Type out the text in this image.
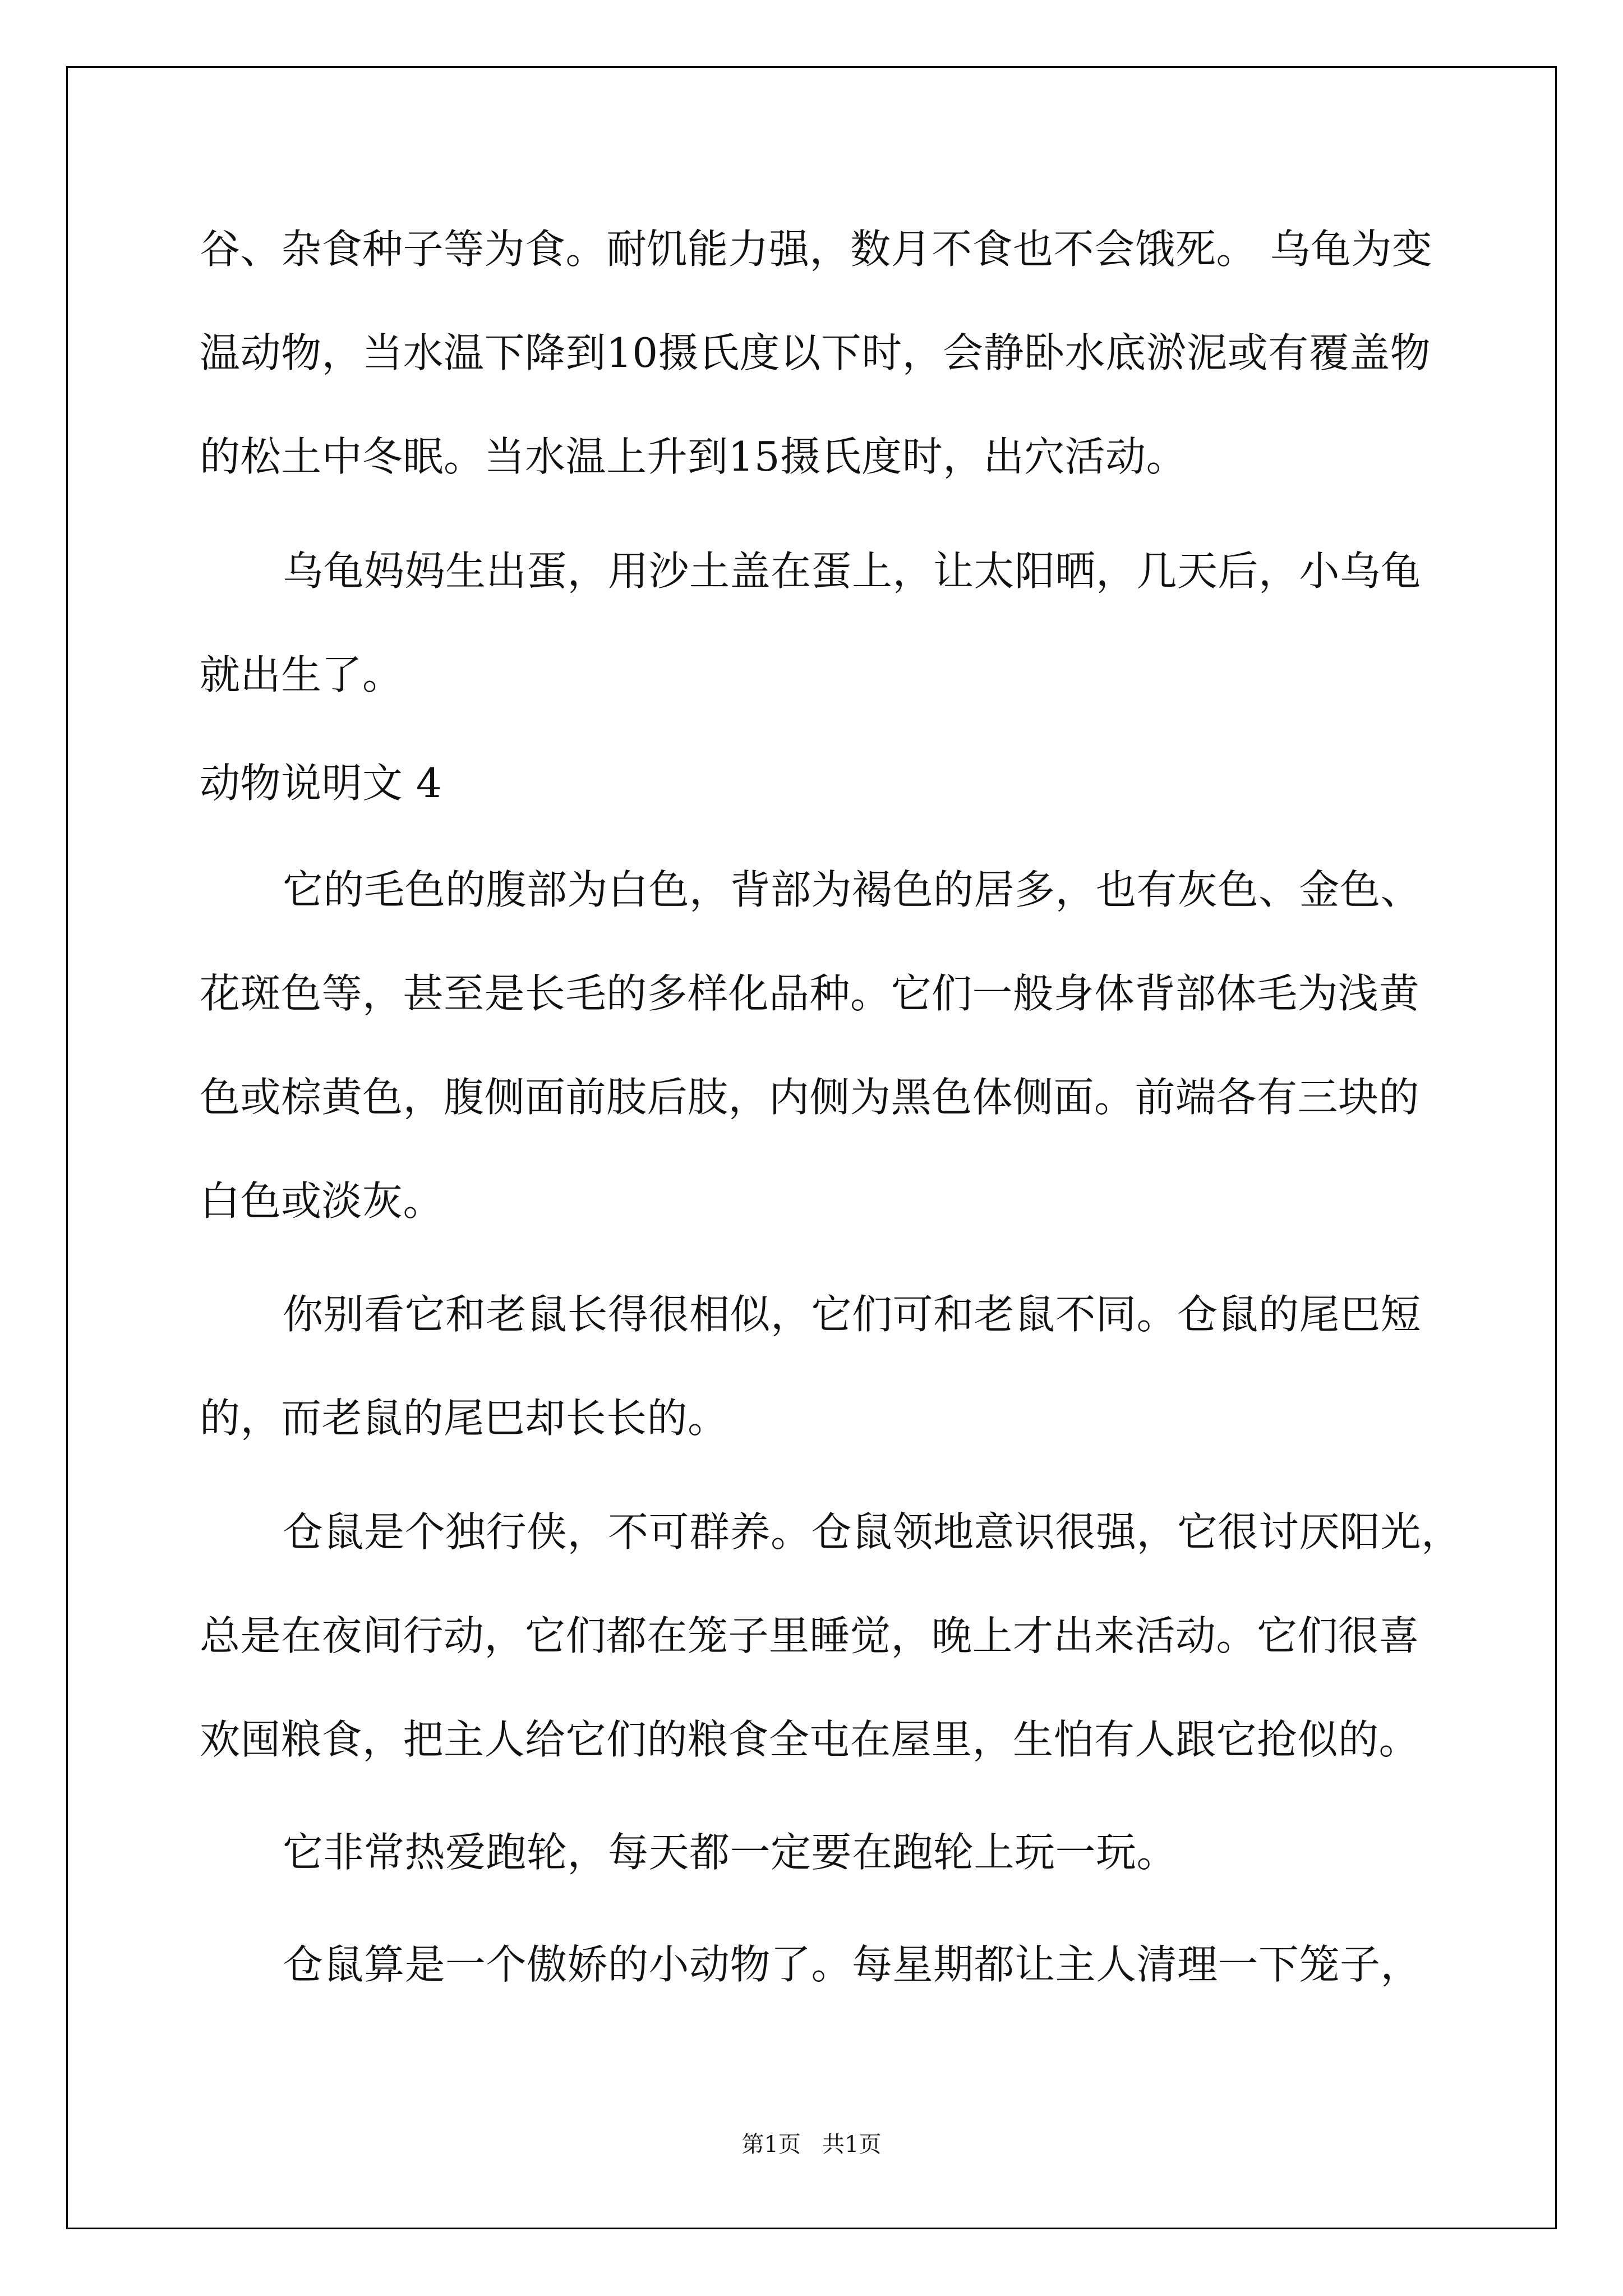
谷、杂食种子等为食。耐饥能力强，数月不食也不会饿死。 乌龟为变
温动物，当水温下降到10摄氏度以下时，会静卧水底淤泥或有覆盖物
的松土中冬眠。当水温上升到15摄氏度时，出穴活动。
乌龟妈妈生出蛋，用沙土盖在蛋上，让太阳晒，几天后，小乌龟
就出生了。
动物说明文 4
它的毛色的腹部为白色，背部为褐色的居多，也有灰色、金色、
花斑色等，甚至是长毛的多样化品种。它们一般身体背部体毛为浅黄
色或棕黄色，腹侧面前肢后肢，内侧为黑色体侧面。前端各有三块的
白色或淡灰。
你别看它和老鼠长得很相似，它们可和老鼠不同。仓鼠的尾巴短
的，而老鼠的尾巴却长长的。
仓鼠是个独行侠，不可群养。仓鼠领地意识很强，它很讨厌阳光，
总是在夜间行动，它们都在笼子里睡觉，晚上才出来活动。它们很喜
欢囤粮食，把主人给它们的粮食全屯在屋里，生怕有人跟它抢似的。
它非常热爱跑轮，每天都一定要在跑轮上玩一玩。
仓鼠算是一个傲娇的小动物了。每星期都让主人清理一下笼子，
第1页   共1页
